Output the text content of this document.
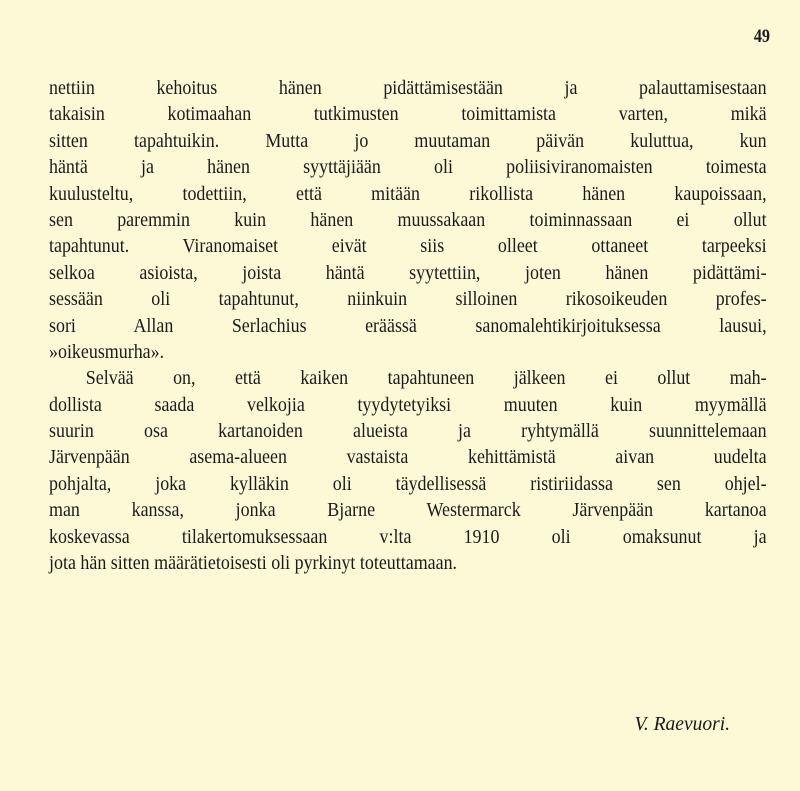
49
nettiin kehoitus hänen pidättämisestään ja palauttamisestaan
takaisin kotimaahan tutkimusten toimittamista varten, mikä
sitten tapahtuikin. Mutta jo muutaman päivän kuluttua, kun
häntä ja hänen syyttäjiään oli poliisiviranomaisten toimesta
kuulusteltu, todettiin, että mitään rikollista hänen kaupoissaan,
sen paremmin kuin hänen muussakaan toiminnassaan ei ollut
tapahtunut. Viranomaiset eivät siis olleet ottaneet tarpeeksi
selkoa asioista, joista häntä syytettiin, joten hänen pidättämi-
sessään oli tapahtunut, niinkuin silloinen rikosoikeuden profes-
sori Allan Serlachius eräässä sanomalehtikirjoituksessa lausui,
»oikeusmurha».
Selvää on, että kaiken tapahtuneen jälkeen ei ollut mah-
dollista saada velkojia tyydytetyiksi muuten kuin myymällä
suurin osa kartanoiden alueista ja ryhtymällä suunnittelemaan
Järvenpään asema-alueen vastaista kehittämistä aivan uudelta
pohjalta, joka kylläkin oli täydellisessä ristiriidassa sen ohjel-
man kanssa, jonka Bjarne Westermarck Järvenpään kartanoa
koskevassa tilakertomuksessaan v:lta 1910 oli omaksunut ja
jota hän sitten määrätietoisesti oli pyrkinyt toteuttamaan.
V. Raevuori.
